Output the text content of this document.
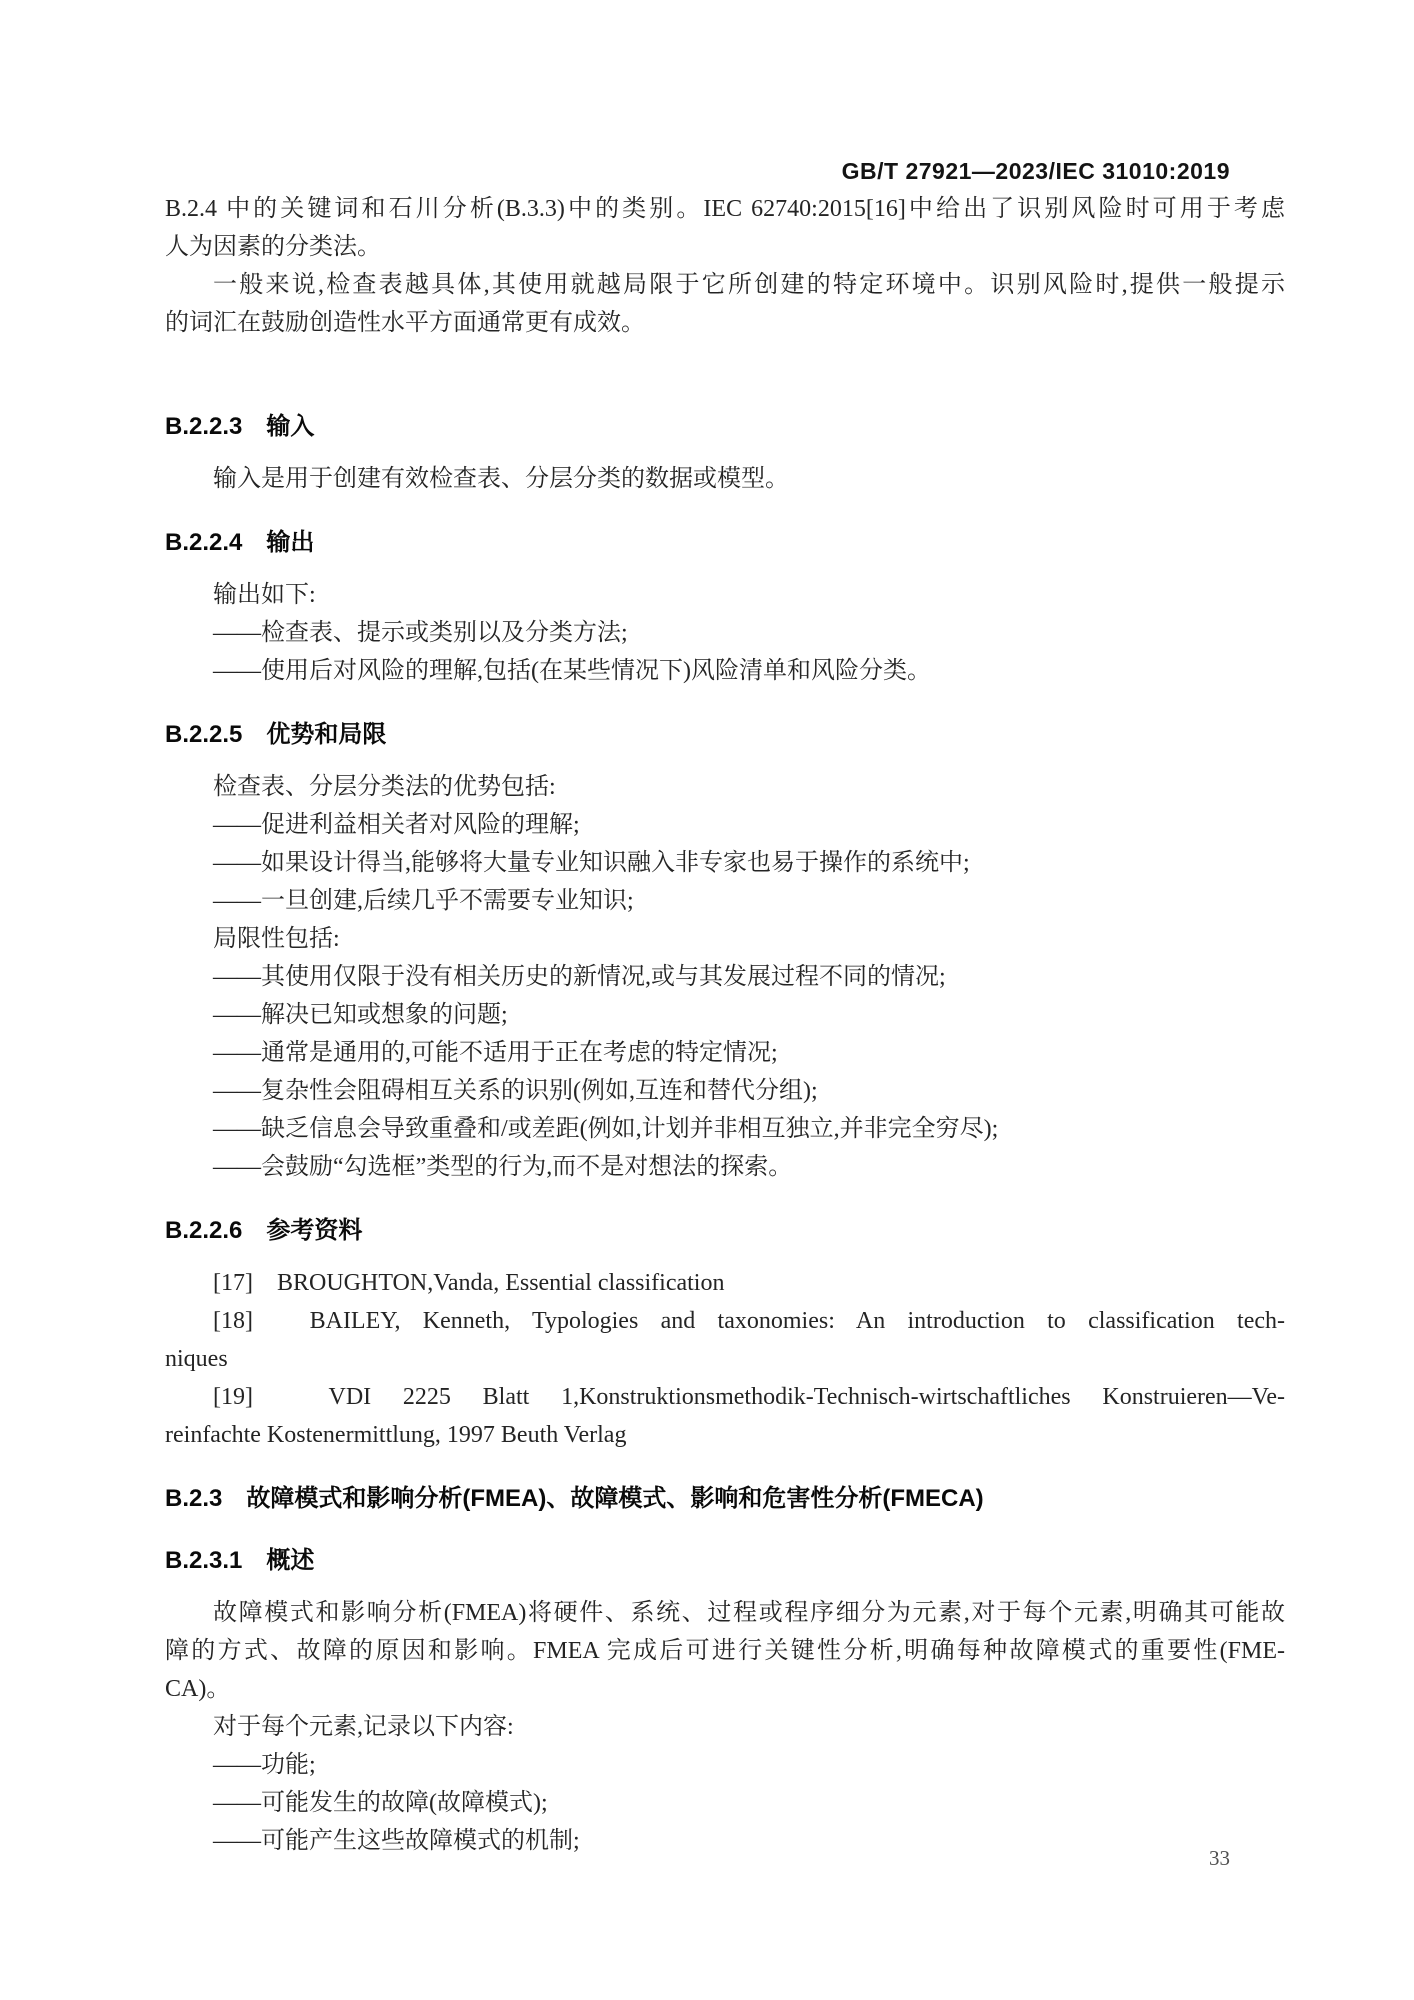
GB/T 27921—2023/IEC 31010:2019
B.2.4 中的关键词和石川分析(B.3.3)中的类别。IEC 62740:2015[16]中给出了识别风险时可用于考虑
人为因素的分类法。
一般来说,检查表越具体,其使用就越局限于它所创建的特定环境中。识别风险时,提供一般提示
的词汇在鼓励创造性水平方面通常更有成效。
B.2.2.3 输入
输入是用于创建有效检查表、分层分类的数据或模型。
B.2.2.4 输出
输出如下:
——检查表、提示或类别以及分类方法;
——使用后对风险的理解,包括(在某些情况下)风险清单和风险分类。
B.2.2.5 优势和局限
检查表、分层分类法的优势包括:
——促进利益相关者对风险的理解;
——如果设计得当,能够将大量专业知识融入非专家也易于操作的系统中;
——一旦创建,后续几乎不需要专业知识;
局限性包括:
——其使用仅限于没有相关历史的新情况,或与其发展过程不同的情况;
——解决已知或想象的问题;
——通常是通用的,可能不适用于正在考虑的特定情况;
——复杂性会阻碍相互关系的识别(例如,互连和替代分组);
——缺乏信息会导致重叠和/或差距(例如,计划并非相互独立,并非完全穷尽);
——会鼓励“勾选框”类型的行为,而不是对想法的探索。
B.2.2.6 参考资料
[17]　BROUGHTON,Vanda, Essential classification
[18]　BAILEY, Kenneth, Typologies and taxonomies: An introduction to classification tech-
niques
[19]　VDI 2225 Blatt 1,Konstruktionsmethodik-Technisch-wirtschaftliches Konstruieren—Ve-
reinfachte Kostenermittlung, 1997 Beuth Verlag
B.2.3 故障模式和影响分析(FMEA)、故障模式、影响和危害性分析(FMECA)
B.2.3.1 概述
故障模式和影响分析(FMEA)将硬件、系统、过程或程序细分为元素,对于每个元素,明确其可能故
障的方式、故障的原因和影响。FMEA 完成后可进行关键性分析,明确每种故障模式的重要性(FME-
CA)。
对于每个元素,记录以下内容:
——功能;
——可能发生的故障(故障模式);
——可能产生这些故障模式的机制;
33
